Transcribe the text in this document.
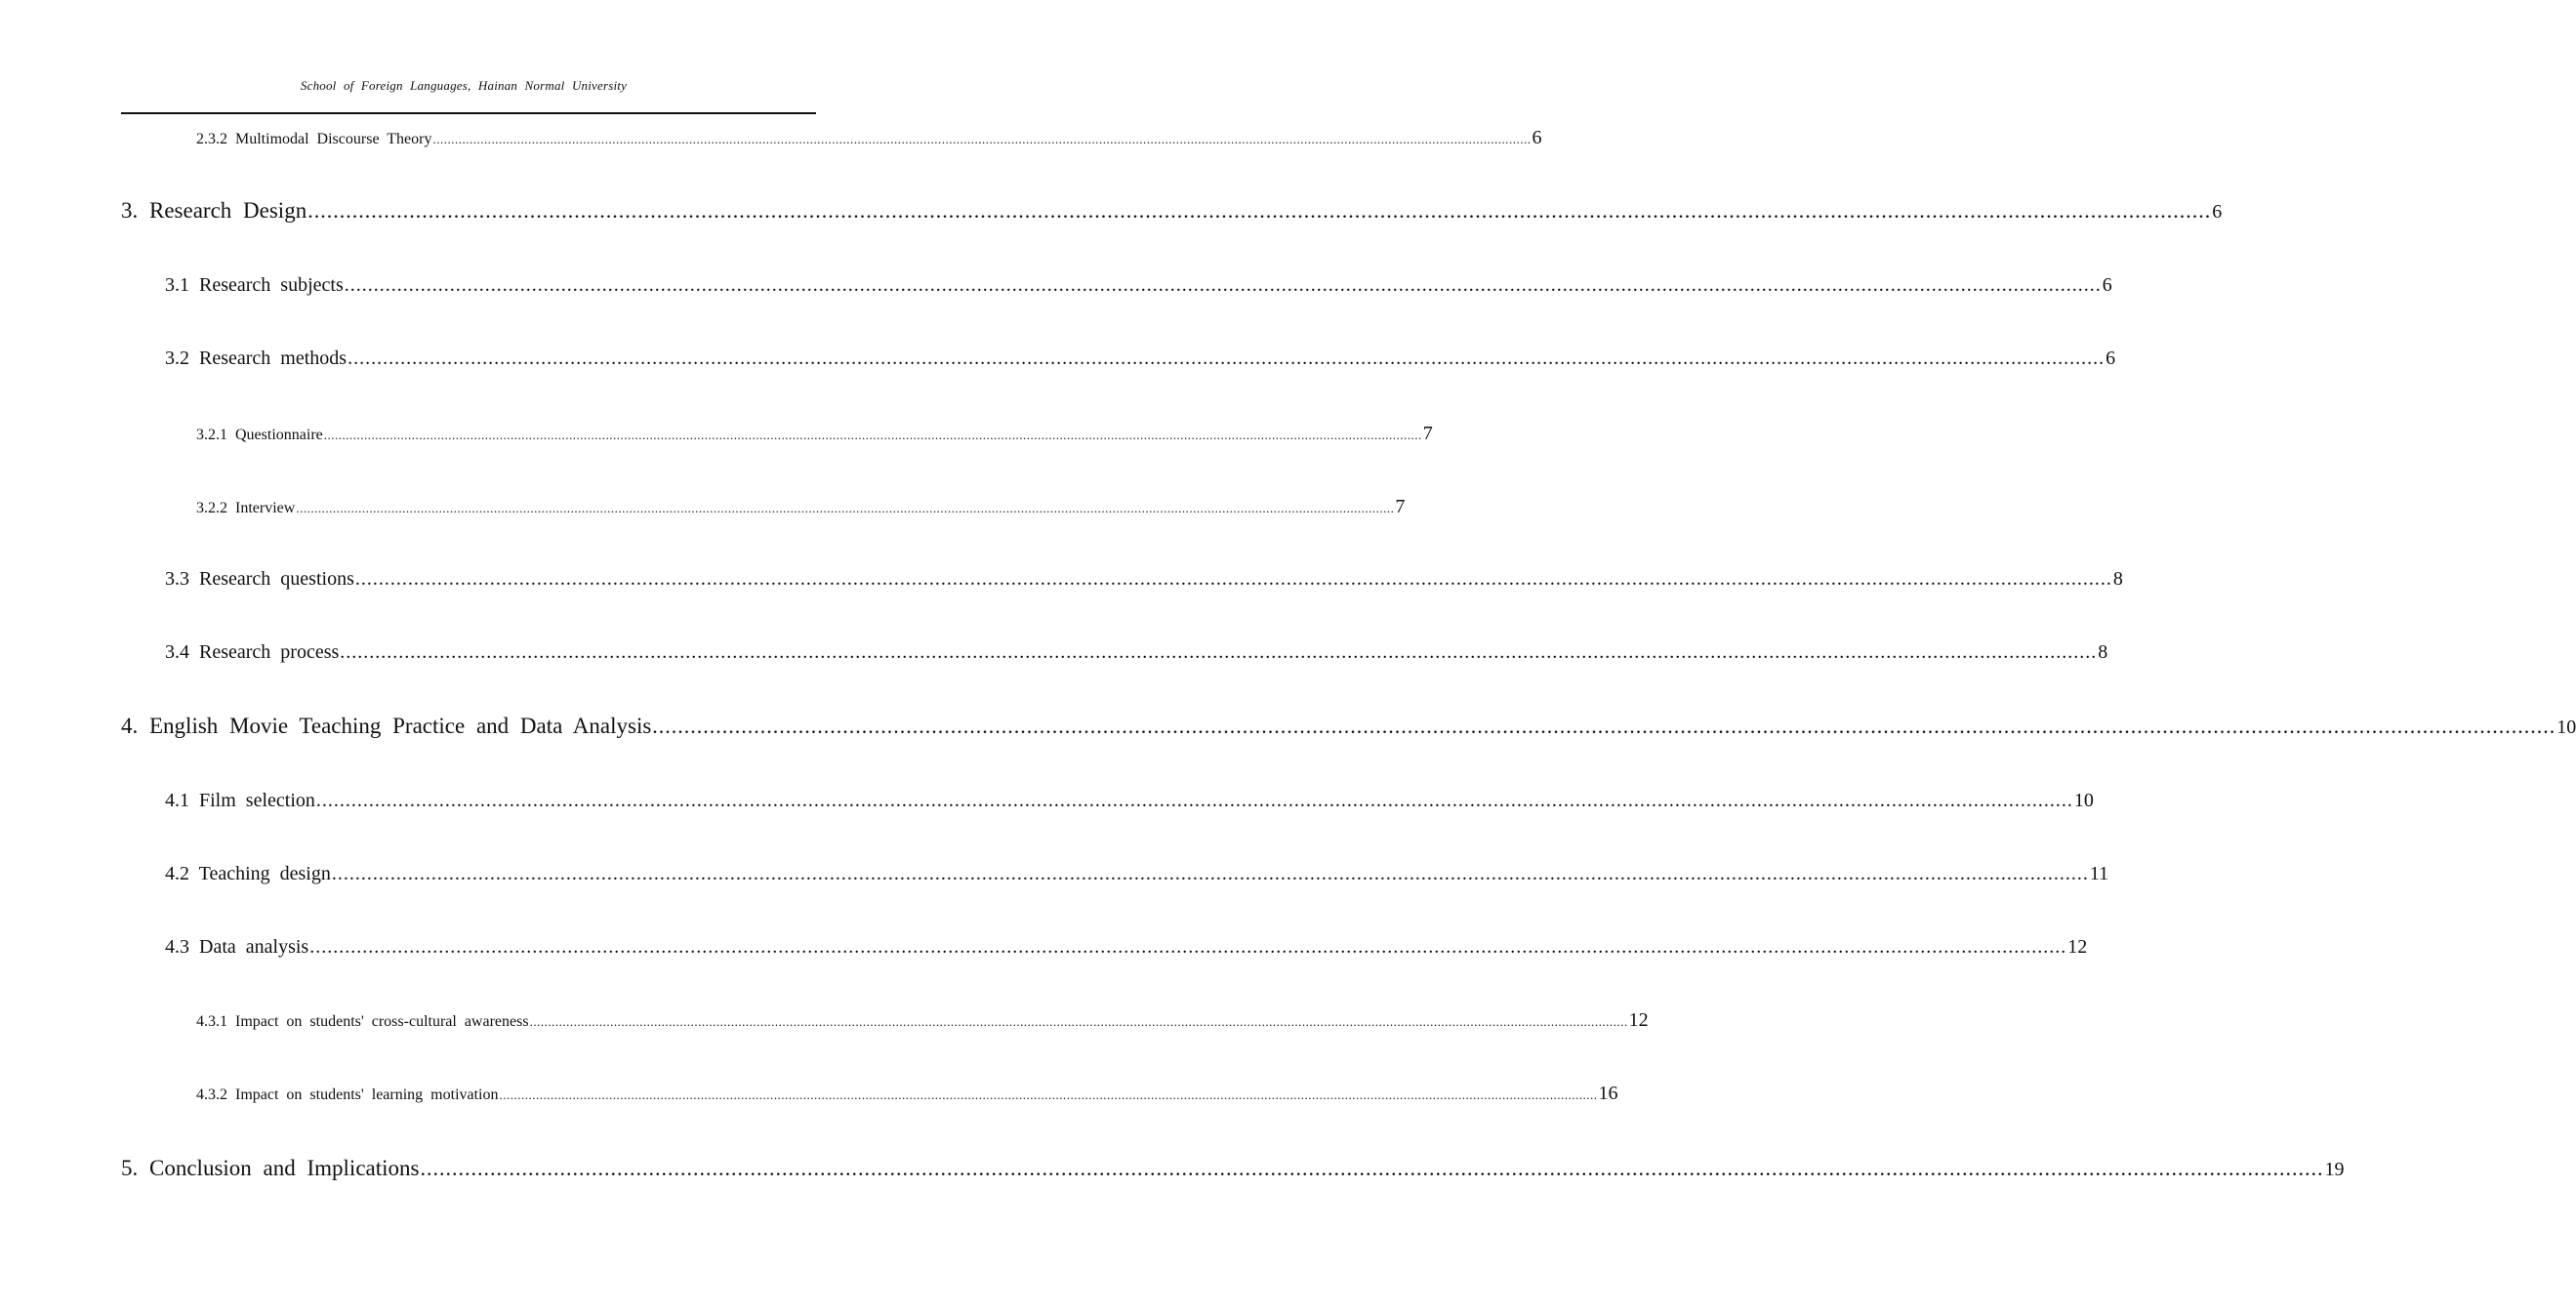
School of Foreign Languages, Hainan Normal University
2.3.2 Multimodal Discourse Theory ............................................................................................................................................................................................................................................................................................................ 6
3. Research Design ............................................................................................................................................................................................................................................................................................................ 6
3.1 Research subjects ............................................................................................................................................................................................................................................................................................................ 6
3.2 Research methods ............................................................................................................................................................................................................................................................................................................ 6
3.2.1 Questionnaire ............................................................................................................................................................................................................................................................................................................ 7
3.2.2 Interview ............................................................................................................................................................................................................................................................................................................ 7
3.3 Research questions ............................................................................................................................................................................................................................................................................................................ 8
3.4 Research process ............................................................................................................................................................................................................................................................................................................ 8
4. English Movie Teaching Practice and Data Analysis ............................................................................................................................................................................................................................................................................................................ 10
4.1 Film selection ............................................................................................................................................................................................................................................................................................................ 10
4.2 Teaching design ............................................................................................................................................................................................................................................................................................................ 11
4.3 Data analysis ............................................................................................................................................................................................................................................................................................................ 12
4.3.1 Impact on students' cross-cultural awareness ............................................................................................................................................................................................................................................................................................................ 12
4.3.2 Impact on students' learning motivation ............................................................................................................................................................................................................................................................................................................ 16
5. Conclusion and Implications ............................................................................................................................................................................................................................................................................................................ 19
